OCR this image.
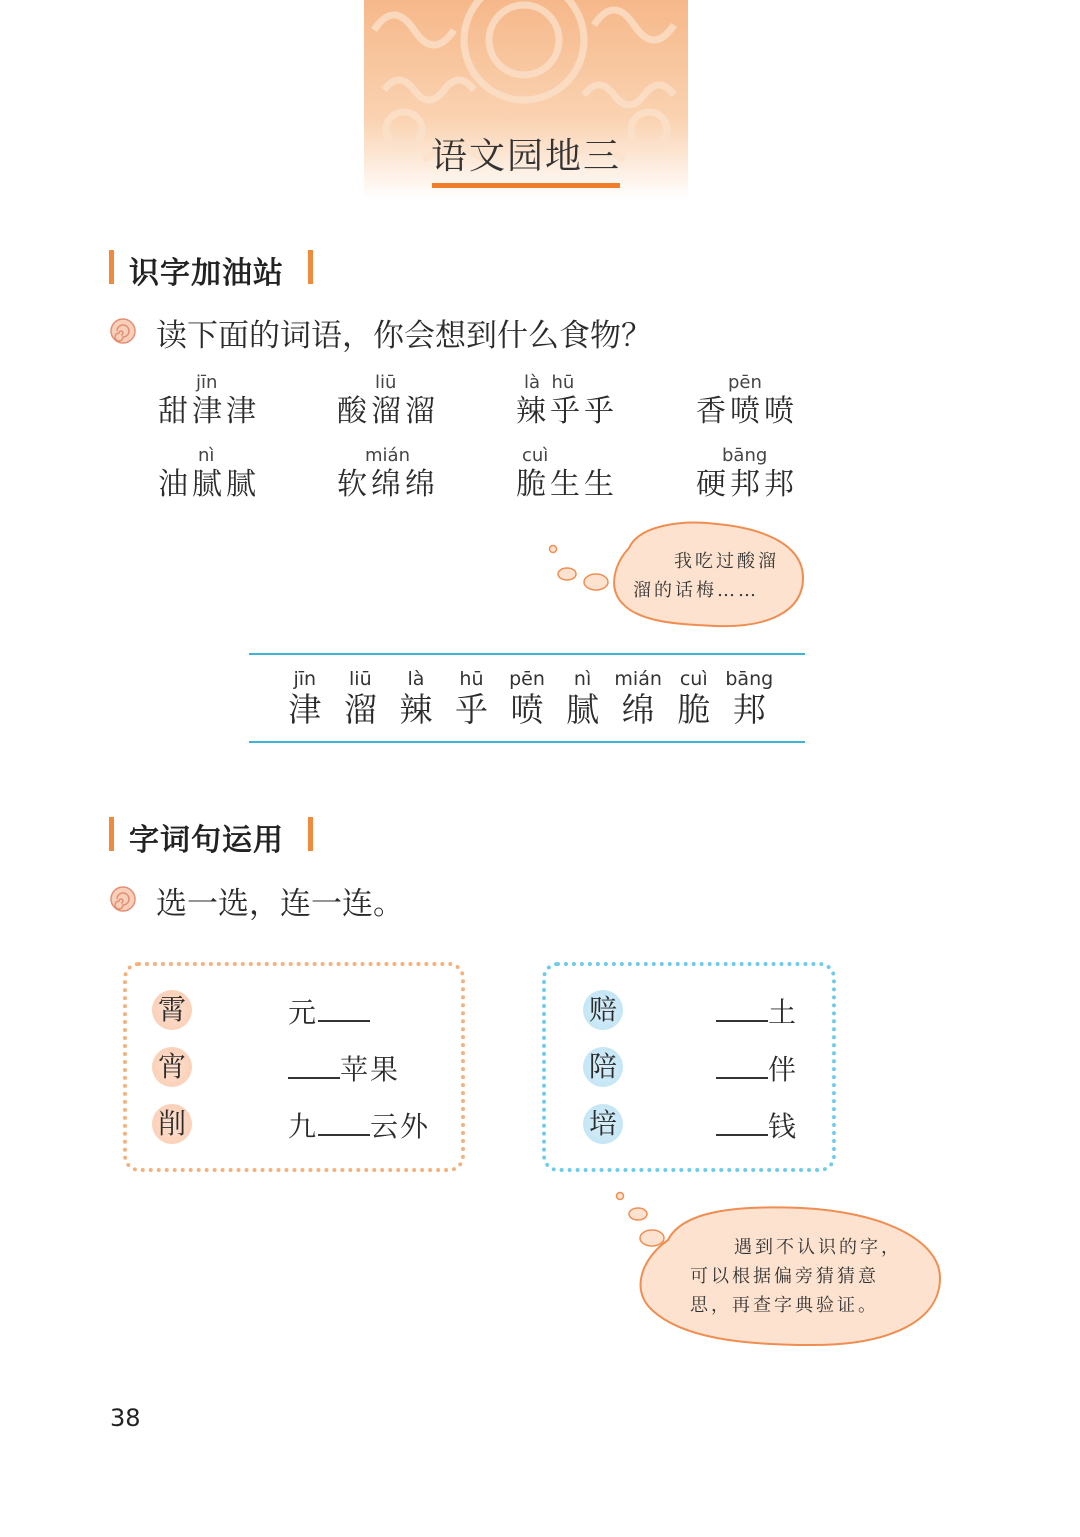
语文园地三
识字加油站
读下面的词语，你会想到什么食物？
jīn
甜津津
liū
酸溜溜
là  hū
辣乎乎
pēn
香喷喷
nì
油腻腻
mián
软绵绵
cuì
脆生生
bāng
硬邦邦
我吃过酸溜
溜的话梅……
jīn
津
liū
溜
là
辣
hū
乎
pēn
喷
nì
腻
mián
绵
cuì
脆
bāng
邦
字词句运用
选一选，连一连。
霄
宵
削
元
苹果
九 云外
赔
陪
培
土
伴
钱
遇到不认识的字，
可以根据偏旁猜猜意
思，再查字典验证。
38
